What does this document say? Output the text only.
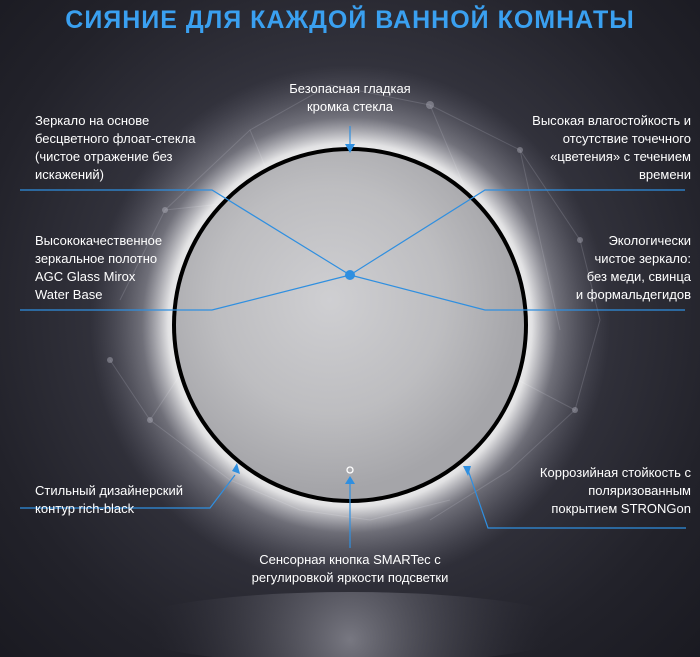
СИЯНИЕ ДЛЯ КАЖДОЙ ВАННОЙ КОМНАТЫ
Безопасная гладкая
кромка стекла
Зеркало на основе
бесцветного флоат-стекла
(чистое отражение без
искажений)
Высокая влагостойкость и
отсутствие точечного
«цветения» с течением
времени
Высококачественное
зеркальное полотно
AGC Glass Mirox
Water Base
Экологически
чистое зеркало:
без меди, свинца
и формальдегидов
Стильный дизайнерский
контур rich-black
Коррозийная стойкость с
поляризованным
покрытием STRONGon
Сенсорная кнопка SMARTec с
регулировкой яркости подсветки
